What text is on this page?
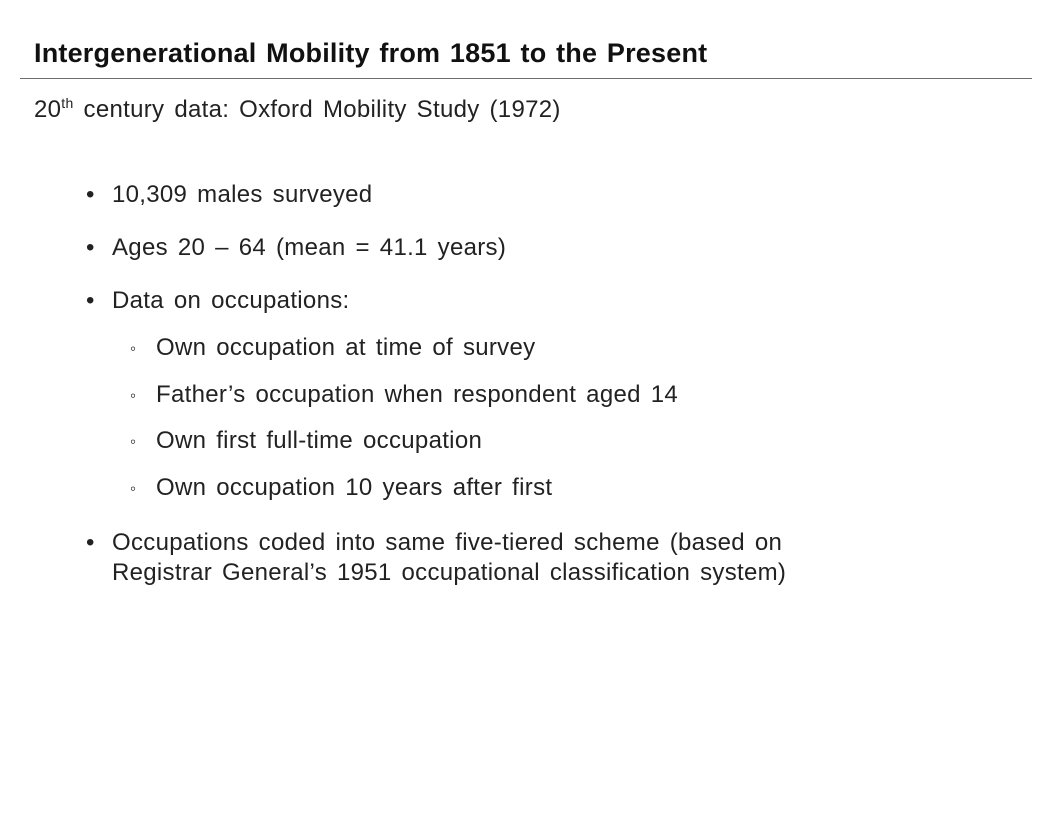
Intergenerational Mobility from 1851 to the Present

20th century data: Oxford Mobility Study (1972)

• 10,309 males surveyed
• Ages 20 – 64 (mean = 41.1 years)
• Data on occupations:
◦ Own occupation at time of survey
◦ Father’s occupation when respondent aged 14
◦ Own first full-time occupation
◦ Own occupation 10 years after first
• Occupations coded into same five-tiered scheme (based on
Registrar General’s 1951 occupational classification system)
